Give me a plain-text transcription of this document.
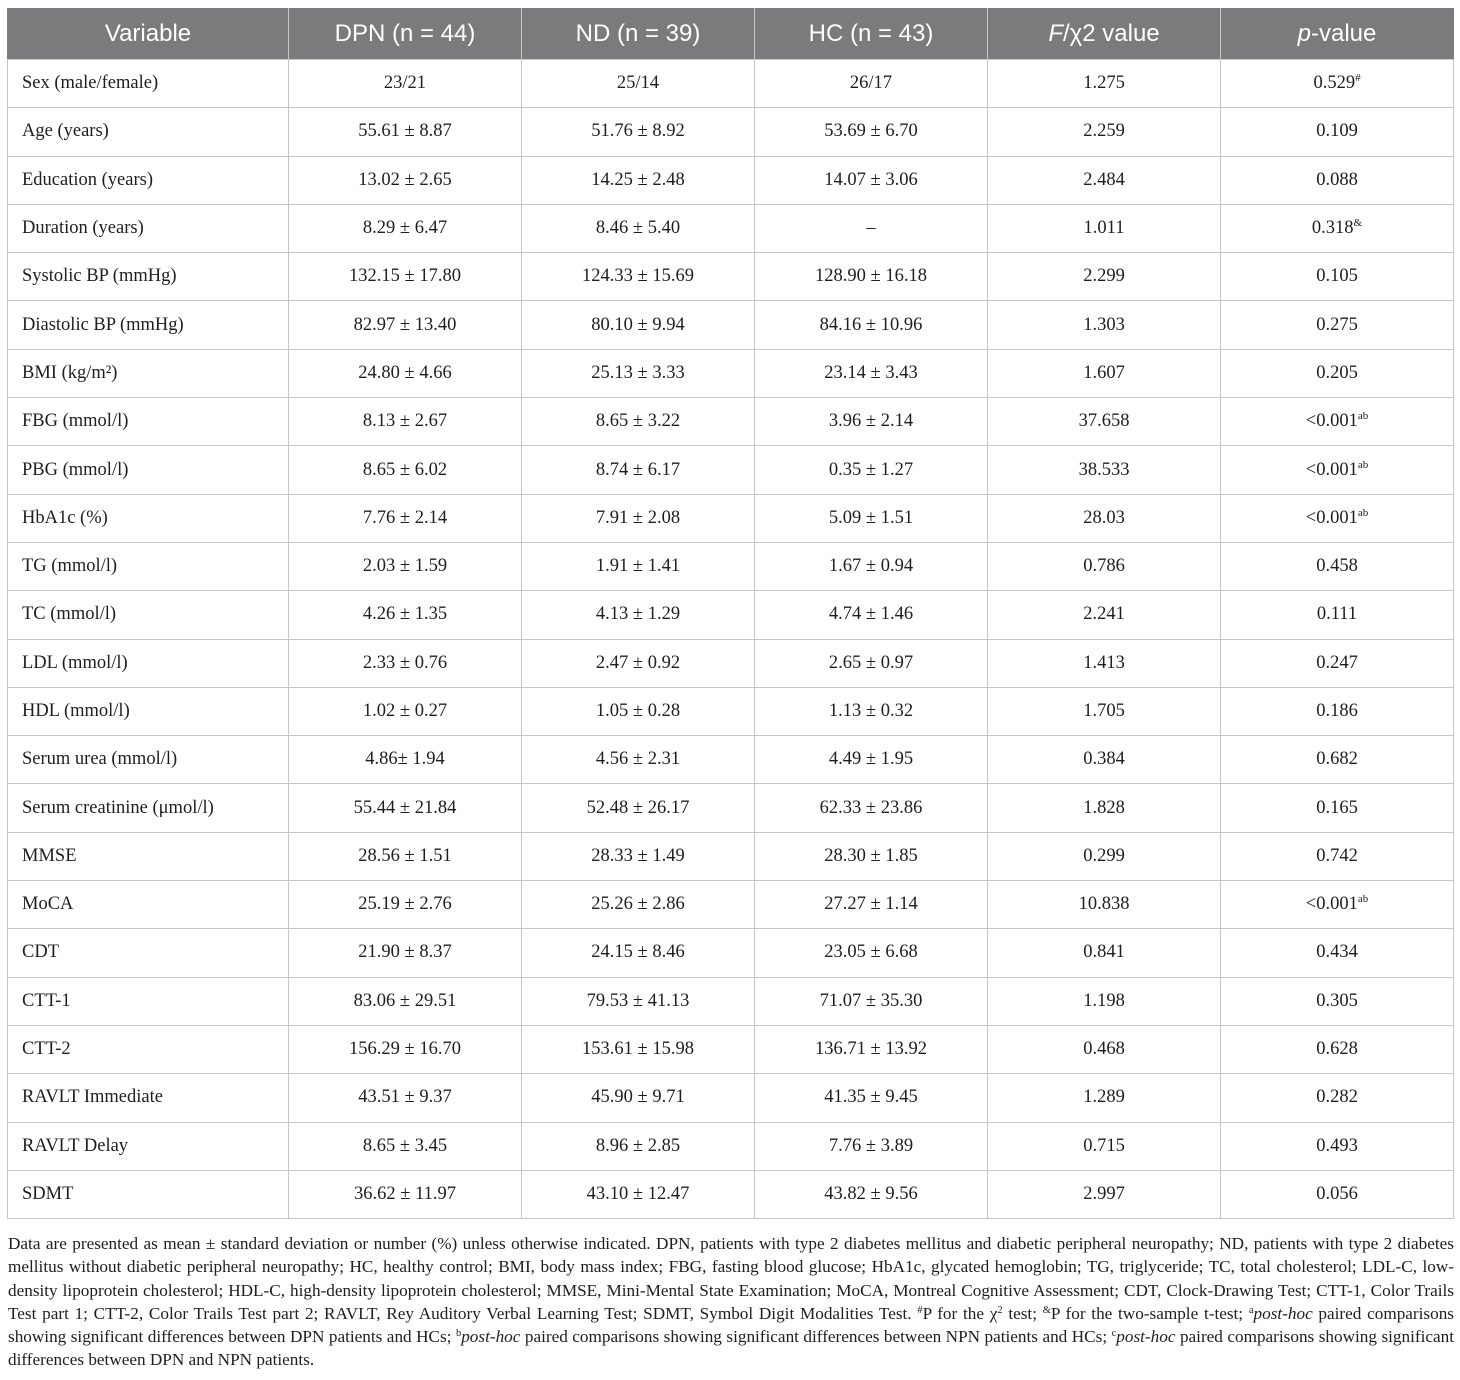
Variable	DPN (n = 44)	ND (n = 39)	HC (n = 43)	F/χ2 value	p-value
Sex (male/female)	23/21	25/14	26/17	1.275	0.529#
Age (years)	55.61 ± 8.87	51.76 ± 8.92	53.69 ± 6.70	2.259	0.109
Education (years)	13.02 ± 2.65	14.25 ± 2.48	14.07 ± 3.06	2.484	0.088
Duration (years)	8.29 ± 6.47	8.46 ± 5.40	–	1.011	0.318&
Systolic BP (mmHg)	132.15 ± 17.80	124.33 ± 15.69	128.90 ± 16.18	2.299	0.105
Diastolic BP (mmHg)	82.97 ± 13.40	80.10 ± 9.94	84.16 ± 10.96	1.303	0.275
BMI (kg/m²)	24.80 ± 4.66	25.13 ± 3.33	23.14 ± 3.43	1.607	0.205
FBG (mmol/l)	8.13 ± 2.67	8.65 ± 3.22	3.96 ± 2.14	37.658	<0.001$^{ab}$
PBG (mmol/l)	8.65 ± 6.02	8.74 ± 6.17	0.35 ± 1.27	38.533	<0.001$^{ab}$
HbA1c (%)	7.76 ± 2.14	7.91 ± 2.08	5.09 ± 1.51	28.03	<0.001$^{ab}$
TG (mmol/l)	2.03 ± 1.59	1.91 ± 1.41	1.67 ± 0.94	0.786	0.458
TC (mmol/l)	4.26 ± 1.35	4.13 ± 1.29	4.74 ± 1.46	2.241	0.111
LDL (mmol/l)	2.33 ± 0.76	2.47 ± 0.92	2.65 ± 0.97	1.413	0.247
HDL (mmol/l)	1.02 ± 0.27	1.05 ± 0.28	1.13 ± 0.32	1.705	0.186
Serum urea (mmol/l)	4.86± 1.94	4.56 ± 2.31	4.49 ± 1.95	0.384	0.682
Serum creatinine (μmol/l)	55.44 ± 21.84	52.48 ± 26.17	62.33 ± 23.86	1.828	0.165
MMSE	28.56 ± 1.51	28.33 ± 1.49	28.30 ± 1.85	0.299	0.742
MoCA	25.19 ± 2.76	25.26 ± 2.86	27.27 ± 1.14	10.838	<0.001$^{ab}$
CDT	21.90 ± 8.37	24.15 ± 8.46	23.05 ± 6.68	0.841	0.434
CTT-1	83.06 ± 29.51	79.53 ± 41.13	71.07 ± 35.30	1.198	0.305
CTT-2	156.29 ± 16.70	153.61 ± 15.98	136.71 ± 13.92	0.468	0.628
RAVLT Immediate	43.51 ± 9.37	45.90 ± 9.71	41.35 ± 9.45	1.289	0.282
RAVLT Delay	8.65 ± 3.45	8.96 ± 2.85	7.76 ± 3.89	0.715	0.493
SDMT	36.62 ± 11.97	43.10 ± 12.47	43.82 ± 9.56	2.997	0.056
Data are presented as mean ± standard deviation or number (%) unless otherwise indicated. DPN, patients with type 2 diabetes mellitus and diabetic peripheral neuropathy; ND, patients with type 2 diabetes mellitus without diabetic peripheral neuropathy; HC, healthy control; BMI, body mass index; FBG, fasting blood glucose; HbA1c, glycated hemoglobin; TG, triglyceride; TC, total cholesterol; LDL-C, low-density lipoprotein cholesterol; HDL-C, high-density lipoprotein cholesterol; MMSE, Mini-Mental State Examination; MoCA, Montreal Cognitive Assessment; CDT, Clock-Drawing Test; CTT-1, Color Trails Test part 1; CTT-2, Color Trails Test part 2; RAVLT, Rey Auditory Verbal Learning Test; SDMT, Symbol Digit Modalities Test. #P for the $\chi^2$ test; &P for the two-sample t-test; $^a$post-hoc paired comparisons showing significant differences between DPN patients and HCs; $^b$post-hoc paired comparisons showing significant differences between NPN patients and HCs; $^c$post-hoc paired comparisons showing significant differences between DPN and NPN patients.
